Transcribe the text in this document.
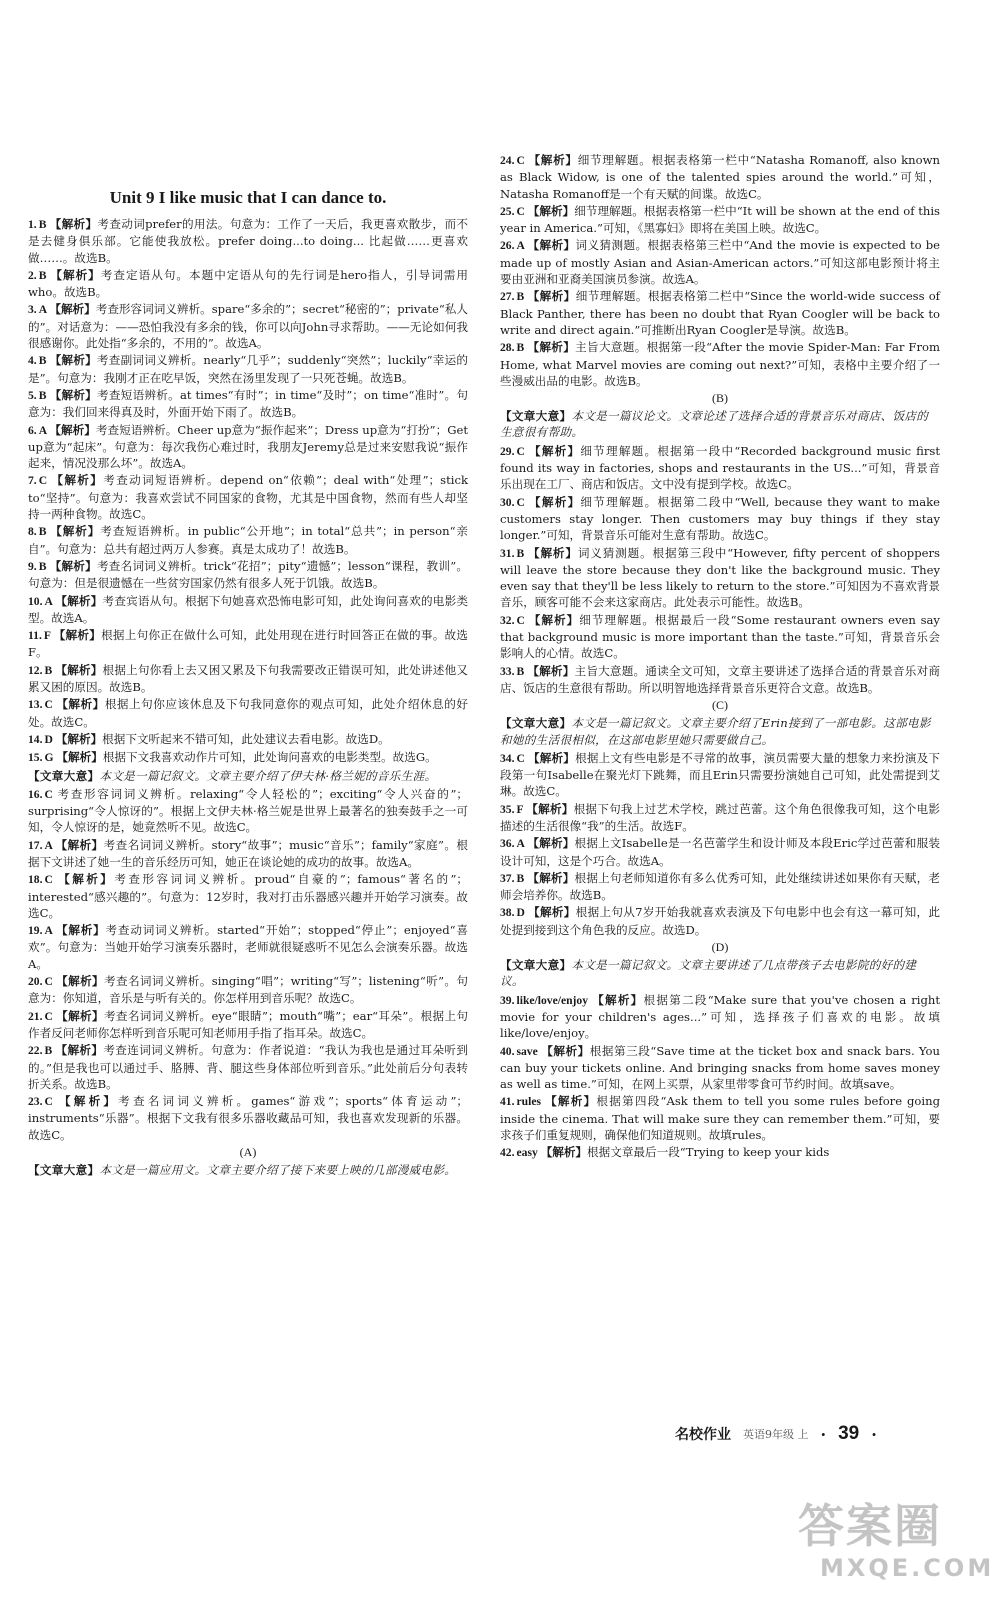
Unit 9 I like music that I can dance to.
1. B 【解析】考查动词prefer的用法。句意为：工作了一天后，我更喜欢散步，而不是去健身俱乐部。它能使我放松。prefer doing...to doing... 比起做……更喜欢做……。故选B。
2. B 【解析】考查定语从句。本题中定语从句的先行词是hero指人，引导词需用who。故选B。
3. A 【解析】考查形容词词义辨析。spare“多余的”；secret“秘密的”；private“私人的”。对话意为：——恐怕我没有多余的钱，你可以向John寻求帮助。——无论如何我很感谢你。此处指“多余的，不用的”。故选A。
4. B 【解析】考查副词词义辨析。nearly“几乎”；suddenly“突然”；luckily“幸运的是”。句意为：我刚才正在吃早饭，突然在汤里发现了一只死苍蝇。故选B。
5. B 【解析】考查短语辨析。at times“有时”；in time“及时”；on time“准时”。句意为：我们回来得真及时，外面开始下雨了。故选B。
6. A 【解析】考查短语辨析。Cheer up意为“振作起来”；Dress up意为“打扮”；Get up意为“起床”。句意为：每次我伤心难过时，我朋友Jeremy总是过来安慰我说“振作起来，情况没那么坏”。故选A。
7. C 【解析】考查动词短语辨析。depend on“依赖”；deal with“处理”；stick to“坚持”。句意为：我喜欢尝试不同国家的食物，尤其是中国食物，然而有些人却坚持一两种食物。故选C。
8. B 【解析】考查短语辨析。in public“公开地”；in total“总共”；in person“亲自”。句意为：总共有超过两万人参赛。真是太成功了！故选B。
9. B 【解析】考查名词词义辨析。trick“花招”；pity“遗憾”；lesson“课程，教训”。句意为：但是很遗憾在一些贫穷国家仍然有很多人死于饥饿。故选B。
10. A 【解析】考查宾语从句。根据下句她喜欢恐怖电影可知，此处询问喜欢的电影类型。故选A。
11. F 【解析】根据上句你正在做什么可知，此处用现在进行时回答正在做的事。故选F。
12. B 【解析】根据上句你看上去又困又累及下句我需要改正错误可知，此处讲述他又累又困的原因。故选B。
13. C 【解析】根据上句你应该休息及下句我同意你的观点可知，此处介绍休息的好处。故选C。
14. D 【解析】根据下文听起来不错可知，此处建议去看电影。故选D。
15. G 【解析】根据下文我喜欢动作片可知，此处询问喜欢的电影类型。故选G。
【文章大意】本文是一篇记叙文。文章主要介绍了伊夫林·格兰妮的音乐生涯。
16. C 考查形容词词义辨析。relaxing“令人轻松的”；exciting“令人兴奋的”；surprising“令人惊讶的”。根据上文伊夫林·格兰妮是世界上最著名的独奏鼓手之一可知，令人惊讶的是，她竟然听不见。故选C。
17. A 【解析】考查名词词义辨析。story“故事”；music“音乐”；family“家庭”。根据下文讲述了她一生的音乐经历可知，她正在谈论她的成功的故事。故选A。
18. C 【解析】考查形容词词义辨析。proud“自豪的”；famous“著名的”；interested“感兴趣的”。句意为：12岁时，我对打击乐器感兴趣并开始学习演奏。故选C。
19. A 【解析】考查动词词义辨析。started“开始”；stopped“停止”；enjoyed“喜欢”。句意为：当她开始学习演奏乐器时，老师就很疑惑听不见怎么会演奏乐器。故选A。
20. C 【解析】考查名词词义辨析。singing“唱”；writing“写”；listening“听”。句意为：你知道，音乐是与听有关的。你怎样用到音乐呢？故选C。
21. C 【解析】考查名词词义辨析。eye“眼睛”；mouth“嘴”；ear“耳朵”。根据上句作者反问老师你怎样听到音乐呢可知老师用手指了指耳朵。故选C。
22. B 【解析】考查连词词义辨析。句意为：作者说道：“我认为我也是通过耳朵听到的。”但是我也可以通过手、胳膊、背、腿这些身体部位听到音乐。”此处前后分句表转折关系。故选B。
23. C 【解析】考查名词词义辨析。games“游戏”；sports“体育运动”；instruments“乐器”。根据下文我有很多乐器收藏品可知，我也喜欢发现新的乐器。故选C。
(A)
【文章大意】本文是一篇应用文。文章主要介绍了接下来要上映的几部漫威电影。
24. C 【解析】细节理解题。根据表格第一栏中“Natasha Romanoff, also known as Black Widow, is one of the talented spies around the world.”可知，Natasha Romanoff是一个有天赋的间谍。故选C。
25. C 【解析】细节理解题。根据表格第一栏中“It will be shown at the end of this year in America.”可知，《黑寡妇》即将在美国上映。故选C。
26. A 【解析】词义猜测题。根据表格第三栏中“And the movie is expected to be made up of mostly Asian and Asian-American actors.”可知这部电影预计将主要由亚洲和亚裔美国演员参演。故选A。
27. B 【解析】细节理解题。根据表格第二栏中“Since the world-wide success of Black Panther, there has been no doubt that Ryan Coogler will be back to write and direct again.”可推断出Ryan Coogler是导演。故选B。
28. B 【解析】主旨大意题。根据第一段“After the movie Spider-Man: Far From Home, what Marvel movies are coming out next?”可知，表格中主要介绍了一些漫威出品的电影。故选B。
(B)
【文章大意】本文是一篇议论文。文章论述了选择合适的背景音乐对商店、饭店的生意很有帮助。
29. C 【解析】细节理解题。根据第一段中“Recorded background music first found its way in factories, shops and restaurants in the US...”可知，背景音乐出现在工厂、商店和饭店。文中没有提到学校。故选C。
30. C 【解析】细节理解题。根据第二段中“Well, because they want to make customers stay longer. Then customers may buy things if they stay longer.”可知，背景音乐可能对生意有帮助。故选C。
31. B 【解析】词义猜测题。根据第三段中“However, fifty percent of shoppers will leave the store because they don't like the background music. They even say that they'll be less likely to return to the store.”可知因为不喜欢背景音乐，顾客可能不会来这家商店。此处表示可能性。故选B。
32. C 【解析】细节理解题。根据最后一段“Some restaurant owners even say that background music is more important than the taste.”可知，背景音乐会影响人的心情。故选C。
33. B 【解析】主旨大意题。通读全文可知，文章主要讲述了选择合适的背景音乐对商店、饭店的生意很有帮助。所以明智地选择背景音乐更符合文意。故选B。
(C)
【文章大意】本文是一篇记叙文。文章主要介绍了Erin接到了一部电影。这部电影和她的生活很相似，在这部电影里她只需要做自己。
34. C 【解析】根据上文有些电影是不寻常的故事，演员需要大量的想象力来扮演及下段第一句Isabelle在聚光灯下跳舞，而且Erin只需要扮演她自己可知，此处需提到艾琳。故选C。
35. F 【解析】根据下句我上过艺术学校，跳过芭蕾。这个角色很像我可知，这个电影描述的生活很像“我”的生活。故选F。
36. A 【解析】根据上文Isabelle是一名芭蕾学生和设计师及本段Eric学过芭蕾和服装设计可知，这是个巧合。故选A。
37. B 【解析】根据上句老师知道你有多么优秀可知，此处继续讲述如果你有天赋，老师会培养你。故选B。
38. D 【解析】根据上句从7岁开始我就喜欢表演及下句电影中也会有这一幕可知，此处提到接到这个角色我的反应。故选D。
(D)
【文章大意】本文是一篇记叙文。文章主要讲述了几点带孩子去电影院的好的建议。
39. like/love/enjoy 【解析】根据第二段“Make sure that you've chosen a right movie for your children's ages...”可知，选择孩子们喜欢的电影。故填like/love/enjoy。
40. save 【解析】根据第三段“Save time at the ticket box and snack bars. You can buy your tickets online. And bringing snacks from home saves money as well as time.”可知，在网上买票，从家里带零食可节约时间。故填save。
41. rules 【解析】根据第四段“Ask them to tell you some rules before going inside the cinema. That will make sure they can remember them.”可知，要求孩子们重复规则，确保他们知道规则。故填rules。
42. easy 【解析】根据文章最后一段“Trying to keep your kids
名校作业 英语9年级 上 · 39 ·
答案圈
MXQE.COM
